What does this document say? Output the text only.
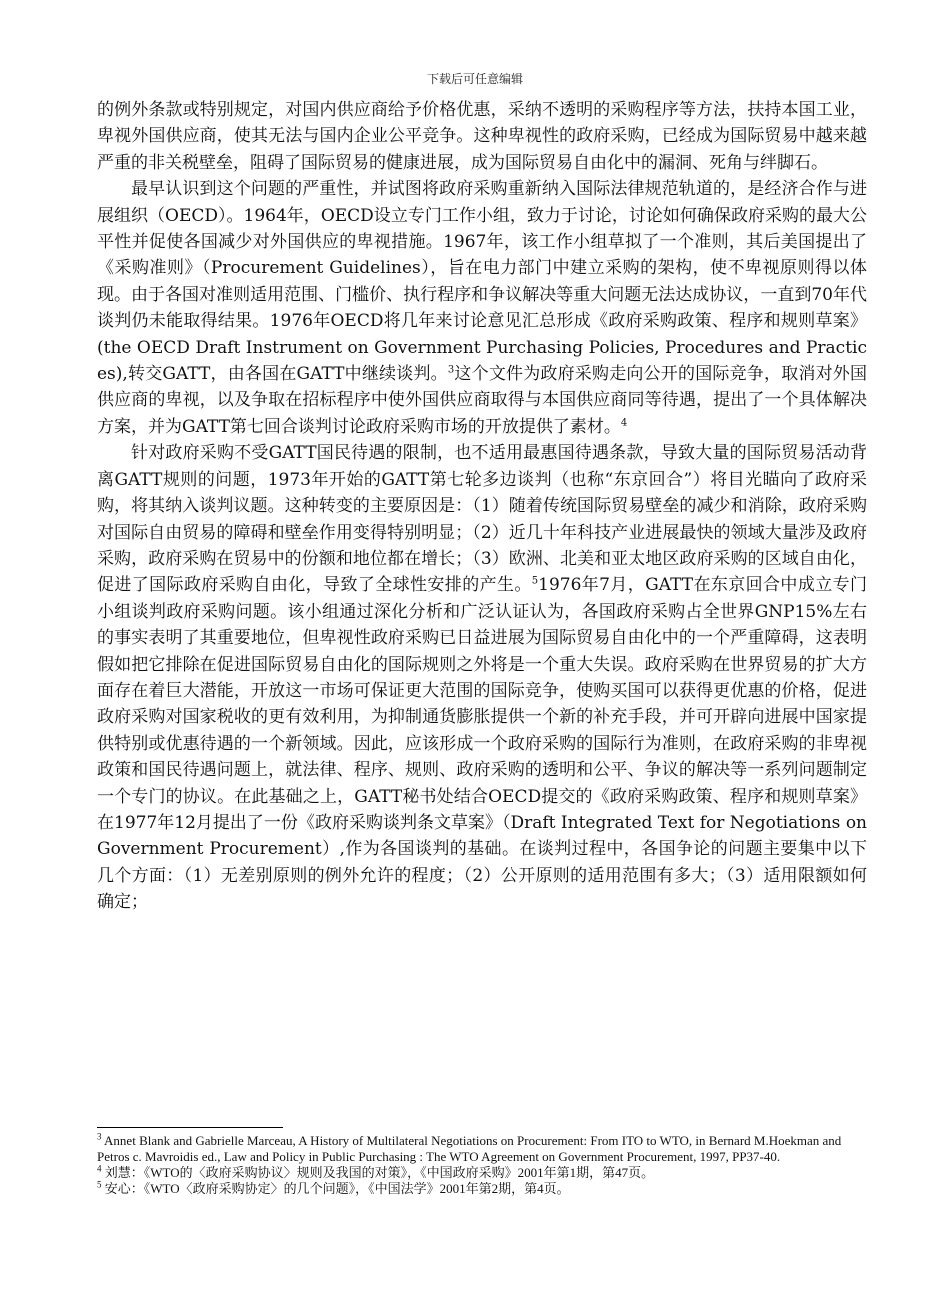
下载后可任意编辑

的例外条款或特别规定，对国内供应商给予价格优惠，采纳不透明的采购程序等方法，扶持本国工业，卑视外国供应商，使其无法与国内企业公平竞争。这种卑视性的政府采购，已经成为国际贸易中越来越严重的非关税壁垒，阻碍了国际贸易的健康进展，成为国际贸易自由化中的漏洞、死角与绊脚石。

最早认识到这个问题的严重性，并试图将政府采购重新纳入国际法律规范轨道的，是经济合作与进展组织（OECD）。1964年，OECD设立专门工作小组，致力于讨论，讨论如何确保政府采购的最大公平性并促使各国减少对外国供应的卑视措施。1967年，该工作小组草拟了一个准则，其后美国提出了《采购准则》（Procurement Guidelines），旨在电力部门中建立采购的架构，使不卑视原则得以体现。由于各国对准则适用范围、门槛价、执行程序和争议解决等重大问题无法达成协议，一直到70年代谈判仍未能取得结果。1976年OECD将几年来讨论意见汇总形成《政府采购政策、程序和规则草案》(the OECD Draft Instrument on Government Purchasing Policies, Procedures and Practices),转交GATT，由各国在GATT中继续谈判。$^3$这个文件为政府采购走向公开的国际竞争，取消对外国供应商的卑视，以及争取在招标程序中使外国供应商取得与本国供应商同等待遇，提出了一个具体解决方案，并为GATT第七回合谈判讨论政府采购市场的开放提供了素材。$^4$

针对政府采购不受GATT国民待遇的限制，也不适用最惠国待遇条款，导致大量的国际贸易活动背离GATT规则的问题，1973年开始的GATT第七轮多边谈判（也称“东京回合”）将目光瞄向了政府采购，将其纳入谈判议题。这种转变的主要原因是：（1）随着传统国际贸易壁垒的减少和消除，政府采购对国际自由贸易的障碍和壁垒作用变得特别明显；（2）近几十年科技产业进展最快的领域大量涉及政府采购，政府采购在贸易中的份额和地位都在增长；（3）欧洲、北美和亚太地区政府采购的区域自由化，促进了国际政府采购自由化，导致了全球性安排的产生。$^5$1976年7月，GATT在东京回合中成立专门小组谈判政府采购问题。该小组通过深化分析和广泛认证认为，各国政府采购占全世界GNP15%左右的事实表明了其重要地位，但卑视性政府采购已日益进展为国际贸易自由化中的一个严重障碍，这表明假如把它排除在促进国际贸易自由化的国际规则之外将是一个重大失误。政府采购在世界贸易的扩大方面存在着巨大潜能，开放这一市场可保证更大范围的国际竞争，使购买国可以获得更优惠的价格，促进政府采购对国家税收的更有效利用，为抑制通货膨胀提供一个新的补充手段，并可开辟向进展中国家提供特别或优惠待遇的一个新领域。因此，应该形成一个政府采购的国际行为准则，在政府采购的非卑视政策和国民待遇问题上，就法律、程序、规则、政府采购的透明和公平、争议的解决等一系列问题制定一个专门的协议。在此基础之上，GATT秘书处结合OECD提交的《政府采购政策、程序和规则草案》在1977年12月提出了一份《政府采购谈判条文草案》（Draft Integrated Text for Negotiations on Government Procurement）,作为各国谈判的基础。在谈判过程中，各国争论的问题主要集中以下几个方面：（1）无差别原则的例外允许的程度；（2）公开原则的适用范围有多大；（3）适用限额如何确定；

$^3$ Annet Blank and Gabrielle Marceau, A History of Multilateral Negotiations on Procurement: From ITO to WTO, in Bernard M.Hoekman and Petros c. Mavroidis ed., Law and Policy in Public Purchasing : The WTO Agreement on Government Procurement, 1997, PP37-40.
$^4$ 刘慧：《WTO的〈政府采购协议〉规则及我国的对策》，《中国政府采购》2001年第1期，第47页。
$^5$ 安心：《WTO〈政府采购协定〉的几个问题》，《中国法学》2001年第2期，第4页。
